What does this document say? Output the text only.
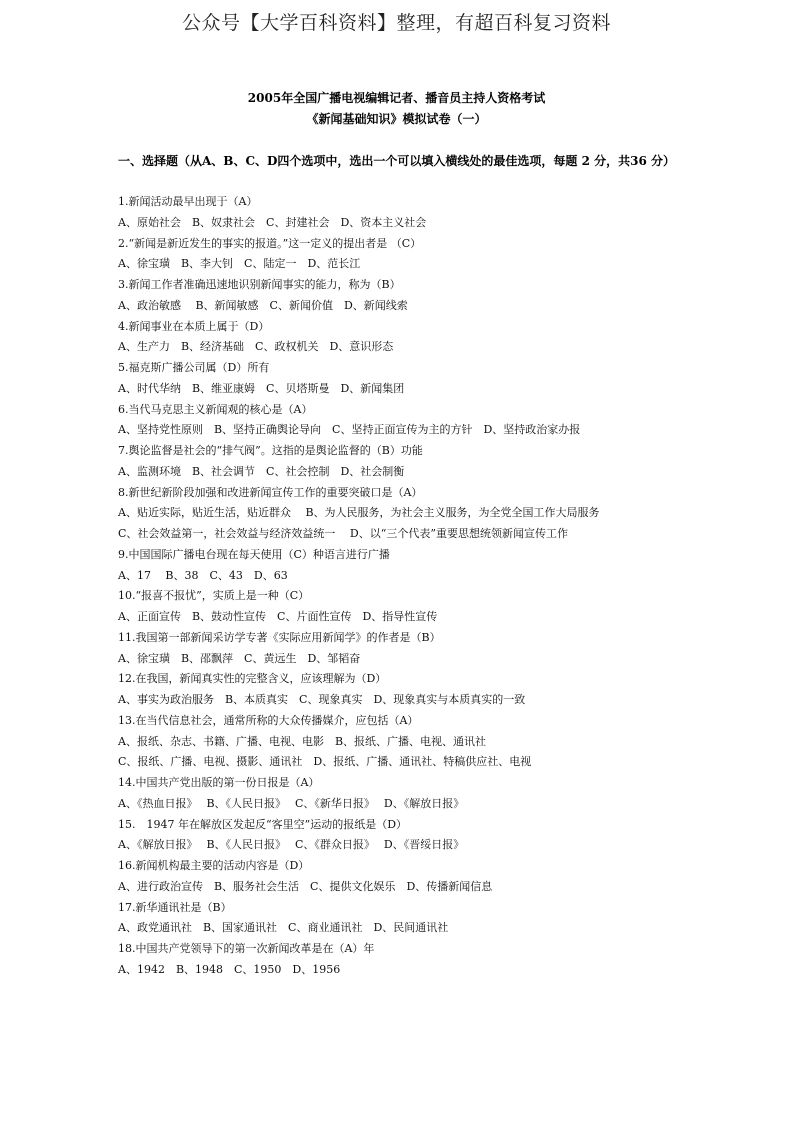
公众号【大学百科资料】整理，有超百科复习资料
2005年全国广播电视编辑记者、播音员主持人资格考试
《新闻基础知识》模拟试卷（一）
一、选择题（从A、B、C、D四个选项中，选出一个可以填入横线处的最佳选项，每题 2 分，共36 分）
1.新闻活动最早出现于（A）
A、原始社会　B、奴隶社会　C、封建社会　D、资本主义社会
2.“新闻是新近发生的事实的报道。”这一定义的提出者是 （C）
A、徐宝璜　B、李大钊　C、陆定一　D、范长江
3.新闻工作者准确迅速地识别新闻事实的能力，称为（B）
A、政治敏感　 B、新闻敏感　C、新闻价值　D、新闻线索
4.新闻事业在本质上属于（D）
A、生产力　B、经济基础　C、政权机关　D、意识形态
5.福克斯广播公司属（D）所有
A、时代华纳　B、维亚康姆　C、贝塔斯曼　D、新闻集团
6.当代马克思主义新闻观的核心是（A）
A、坚持党性原则　B、坚持正确舆论导向　C、坚持正面宣传为主的方针　D、坚持政治家办报
7.舆论监督是社会的“排气阀”。这指的是舆论监督的（B）功能
A、监测环境　B、社会调节　C、社会控制　D、社会制衡
8.新世纪新阶段加强和改进新闻宣传工作的重要突破口是（A）
A、贴近实际，贴近生活，贴近群众　 B、为人民服务，为社会主义服务，为全党全国工作大局服务
C、社会效益第一，社会效益与经济效益统一　 D、以“三个代表”重要思想统领新闻宣传工作
9.中国国际广播电台现在每天使用（C）种语言进行广播
A、17　 B、38　C、43　D、63
10.“报喜不报忧”，实质上是一种（C）
A、正面宣传　B、鼓动性宣传　C、片面性宣传　D、指导性宣传
11.我国第一部新闻采访学专著《实际应用新闻学》的作者是（B）
A、徐宝璜　B、邵飘萍　C、黄远生　D、邹韬奋
12.在我国，新闻真实性的完整含义，应该理解为（D）
A、事实为政治服务　B、本质真实　C、现象真实　D、现象真实与本质真实的一致
13.在当代信息社会，通常所称的大众传播媒介，应包括（A）
A、报纸、杂志、书籍、广播、电视、电影　B、报纸、广播、电视、通讯社
C、报纸、广播、电视、摄影、通讯社　D、报纸、广播、通讯社、特稿供应社、电视
14.中国共产党出版的第一份日报是（A）
A、《热血日报》　 B、《人民日报》　 C、《新华日报》　 D、《解放日报》
15.　1947 年在解放区发起反“客里空”运动的报纸是（D）
A、《解放日报》　 B、《人民日报》　 C、《群众日报》　 D、《晋绥日报》
16.新闻机构最主要的活动内容是（D）
A、进行政治宣传　B、服务社会生活　C、提供文化娱乐　D、传播新闻信息
17.新华通讯社是（B）
A、政党通讯社　B、国家通讯社　C、商业通讯社　D、民间通讯社
18.中国共产党领导下的第一次新闻改革是在（A）年
A、1942　B、1948　C、1950　D、1956
